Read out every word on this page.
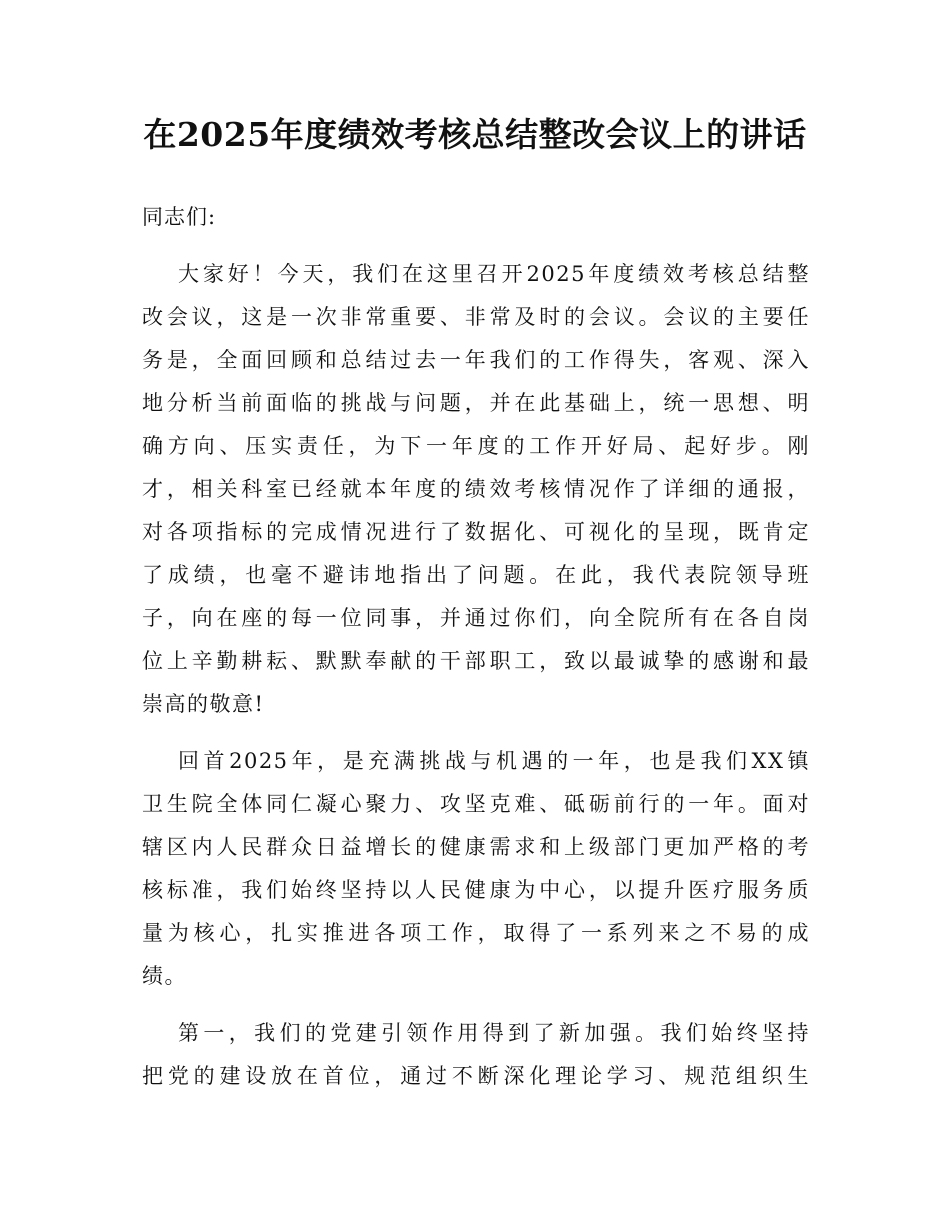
在2025年度绩效考核总结整改会议上的讲话

同志们:

大家好！今天，我们在这里召开2025年度绩效考核总结整
改会议，这是一次非常重要、非常及时的会议。会议的主要任
务是，全面回顾和总结过去一年我们的工作得失，客观、深入
地分析当前面临的挑战与问题，并在此基础上，统一思想、明
确方向、压实责任，为下一年度的工作开好局、起好步。刚
才，相关科室已经就本年度的绩效考核情况作了详细的通报，
对各项指标的完成情况进行了数据化、可视化的呈现，既肯定
了成绩，也毫不避讳地指出了问题。在此，我代表院领导班
子，向在座的每一位同事，并通过你们，向全院所有在各自岗
位上辛勤耕耘、默默奉献的干部职工，致以最诚挚的感谢和最
崇高的敬意!

回首2025年，是充满挑战与机遇的一年，也是我们XX镇
卫生院全体同仁凝心聚力、攻坚克难、砥砺前行的一年。面对
辖区内人民群众日益增长的健康需求和上级部门更加严格的考
核标准，我们始终坚持以人民健康为中心，以提升医疗服务质
量为核心，扎实推进各项工作，取得了一系列来之不易的成
绩。

第一，我们的党建引领作用得到了新加强。我们始终坚持
把党的建设放在首位，通过不断深化理论学习、规范组织生
